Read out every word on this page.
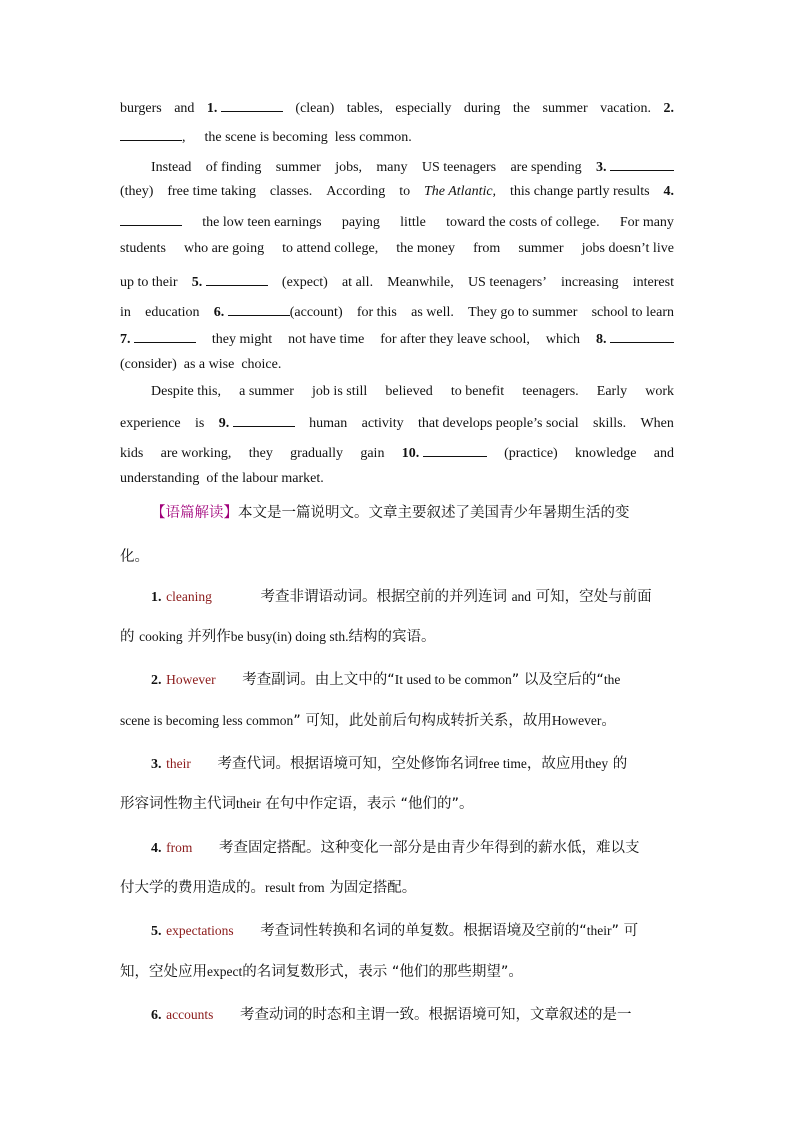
burgers and 1.	(clean) tables, especially during the summer vacation. 2.
, the scene is becoming less common.
Instead of finding summer jobs, many US teenagers are spending 3.
(they) free time taking classes. According to The Atlantic, this change partly results 4.
the low teen earnings paying little toward the costs of college. For many
students who are going to attend college, the money from summer jobs doesn’t live
up to their 5.	(expect) at all. Meanwhile, US teenagers’ increasing interest
in education 6.	(account) for this as well. They go to summer school to learn
7.	they might not have time for after they leave school, which 8.
(consider) as a wise choice.
Despite this, a summer job is still believed to benefit teenagers. Early work
experience is 9.	human activity that develops people’s social skills. When
kids are working, they gradually gain 10.	(practice) knowledge and
understanding of the labour market.
【语篇解读】本文是一篇说明文。文章主要叙述了美国青少年暑期生活的变
化。
1. cleaning	考查非谓语动词。根据空前的并列连词 and 可知，空处与前面
的 cooking 并列作be busy(in) doing sth.结构的宾语。
2. However 考查副词。由上文中的“It used to be common” 以及空后的“the
scene is becoming less common” 可知，此处前后句构成转折关系，故用However。
3. their 考查代词。根据语境可知，空处修饰名词free time，故应用they 的
形容词性物主代词their 在句中作定语，表示 “他们的”。
4. from 考查固定搭配。这种变化一部分是由青少年得到的薪水低，难以支
付大学的费用造成的。result from 为固定搭配。
5. expectations 考查词性转换和名词的单复数。根据语境及空前的“their” 可
知，空处应用expect的名词复数形式，表示 “他们的那些期望”。
6. accounts 考查动词的时态和主谓一致。根据语境可知，文章叙述的是一
